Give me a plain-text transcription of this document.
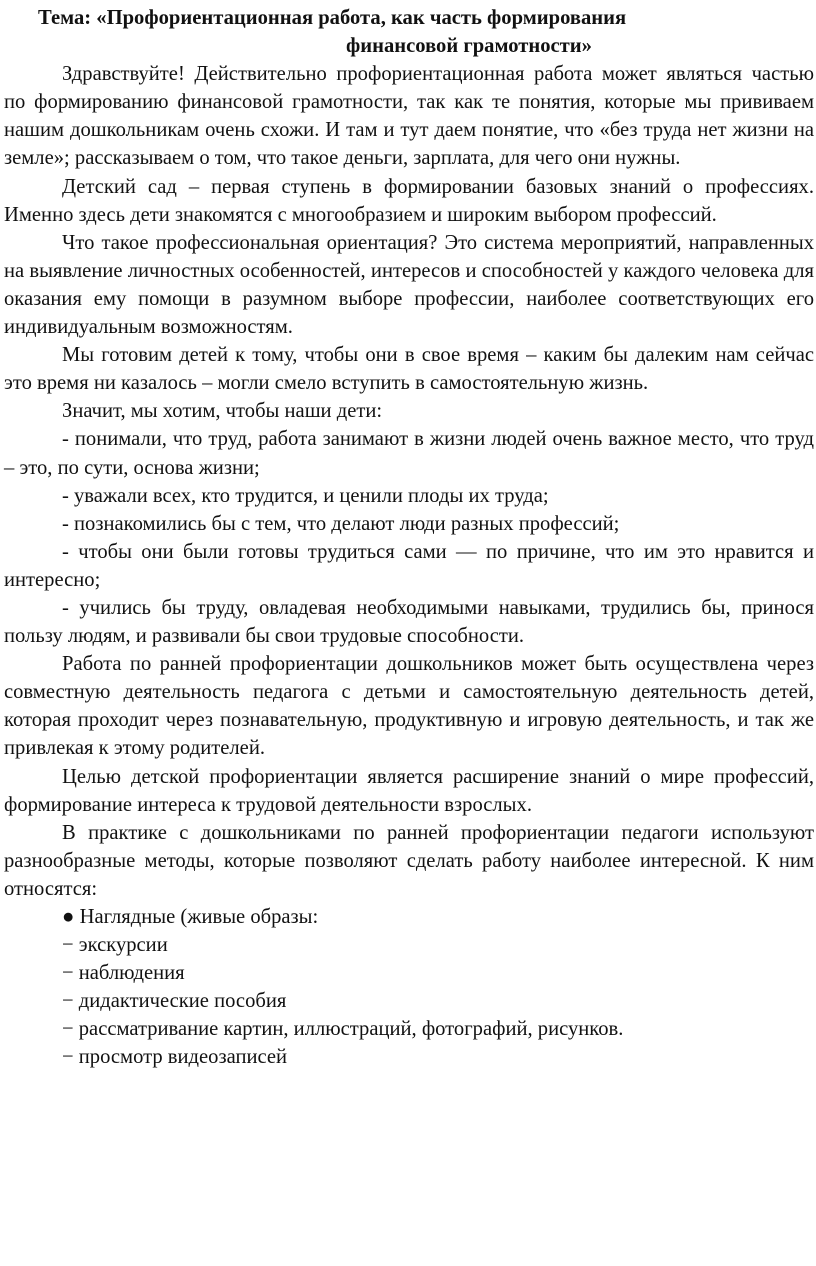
Тема: «Профориентационная работа, как часть формирования
финансовой грамотности»

Здравствуйте! Действительно профориентационная работа может являться частью по формированию финансовой грамотности, так как те понятия, которые мы прививаем нашим дошкольникам очень схожи. И там и тут даем понятие, что «без труда нет жизни на земле»; рассказываем о том, что такое деньги, зарплата, для чего они нужны.

Детский сад – первая ступень в формировании базовых знаний о профессиях. Именно здесь дети знакомятся с многообразием и широким выбором профессий.

Что такое профессиональная ориентация? Это система мероприятий, направленных на выявление личностных особенностей, интересов и способностей у каждого человека для оказания ему помощи в разумном выборе профессии, наиболее соответствующих его индивидуальным возможностям.

Мы готовим детей к тому, чтобы они в свое время – каким бы далеким нам сейчас это время ни казалось – могли смело вступить в самостоятельную жизнь.

Значит, мы хотим, чтобы наши дети:

- понимали, что труд, работа занимают в жизни людей очень важное место, что труд – это, по сути, основа жизни;

- уважали всех, кто трудится, и ценили плоды их труда;

- познакомились бы с тем, что делают люди разных профессий;

- чтобы они были готовы трудиться сами — по причине, что им это нравится и интересно;

- учились бы труду, овладевая необходимыми навыками, трудились бы, принося пользу людям, и развивали бы свои трудовые способности.

Работа по ранней профориентации дошкольников может быть осуществлена через совместную деятельность педагога с детьми и самостоятельную деятельность детей, которая проходит через познавательную, продуктивную и игровую деятельность, и так же привлекая к этому родителей.

Целью детской профориентации является расширение знаний о мире профессий, формирование интереса к трудовой деятельности взрослых.

В практике с дошкольниками по ранней профориентации педагоги используют разнообразные методы, которые позволяют сделать работу наиболее интересной. К ним относятся:

● Наглядные (живые образы:

− экскурсии

− наблюдения

− дидактические пособия

− рассматривание картин, иллюстраций, фотографий, рисунков.

− просмотр видеозаписей
